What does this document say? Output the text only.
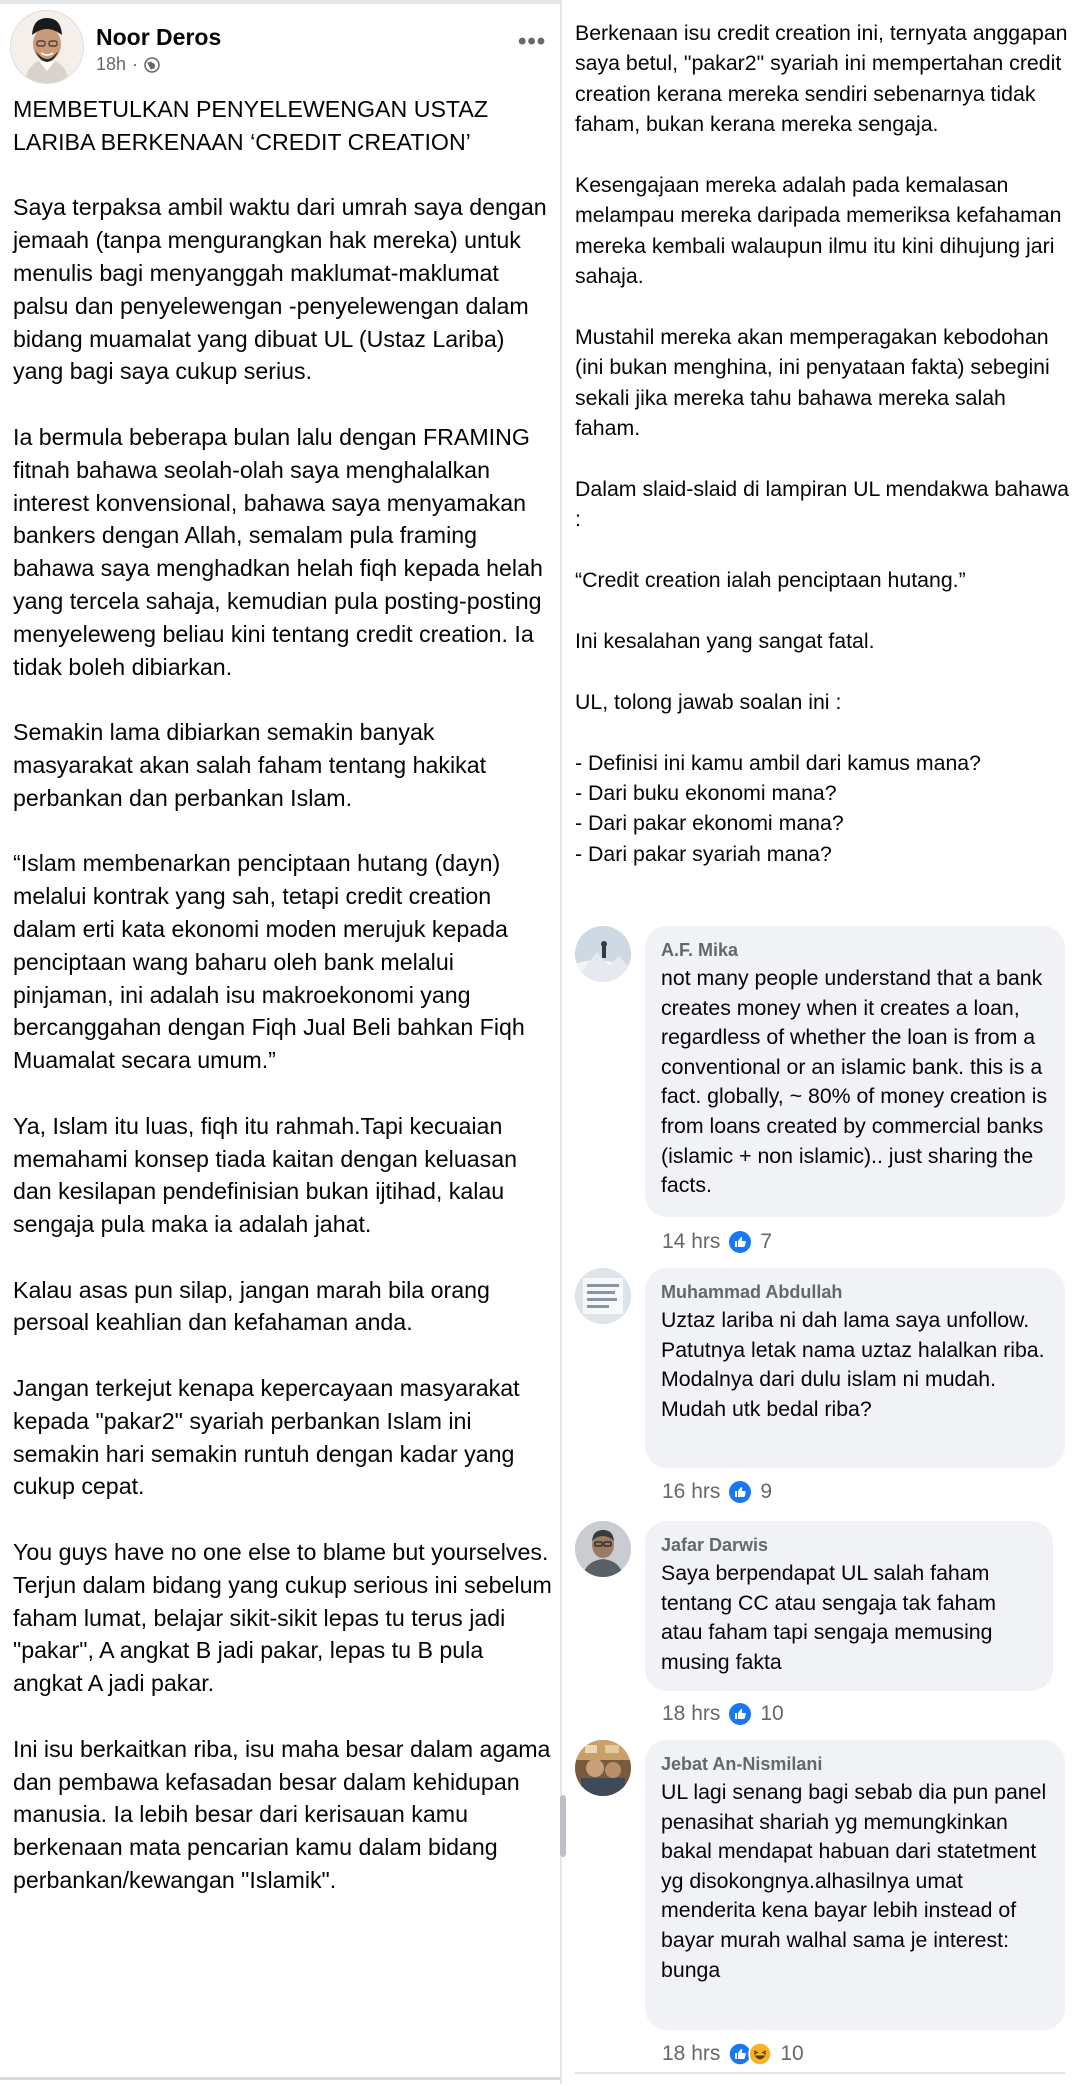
Noor Deros
18h ·
•••

MEMBETULKAN PENYELEWENGAN USTAZ LARIBA BERKENAAN ‘CREDIT CREATION’

Saya terpaksa ambil waktu dari umrah saya dengan jemaah (tanpa mengurangkan hak mereka) untuk menulis bagi menyanggah maklumat-maklumat palsu dan penyelewengan -penyelewengan dalam bidang muamalat yang dibuat UL (Ustaz Lariba) yang bagi saya cukup serius.

Ia bermula beberapa bulan lalu dengan FRAMING fitnah bahawa seolah-olah saya menghalalkan interest konvensional, bahawa saya menyamakan bankers dengan Allah, semalam pula framing bahawa saya menghadkan helah fiqh kepada helah yang tercela sahaja, kemudian pula posting-posting menyeleweng beliau kini tentang credit creation. Ia tidak boleh dibiarkan.

Semakin lama dibiarkan semakin banyak masyarakat akan salah faham tentang hakikat perbankan dan perbankan Islam.

“Islam membenarkan penciptaan hutang (dayn) melalui kontrak yang sah, tetapi credit creation dalam erti kata ekonomi moden merujuk kepada penciptaan wang baharu oleh bank melalui pinjaman, ini adalah isu makroekonomi yang bercanggahan dengan Fiqh Jual Beli bahkan Fiqh Muamalat secara umum.”

Ya, Islam itu luas, fiqh itu rahmah.Tapi kecuaian memahami konsep tiada kaitan dengan keluasan dan kesilapan pendefinisian bukan ijtihad, kalau sengaja pula maka ia adalah jahat.

Kalau asas pun silap, jangan marah bila orang persoal keahlian dan kefahaman anda.

Jangan terkejut kenapa kepercayaan masyarakat kepada "pakar2" syariah perbankan Islam ini semakin hari semakin runtuh dengan kadar yang cukup cepat.

You guys have no one else to blame but yourselves. Terjun dalam bidang yang cukup serious ini sebelum faham lumat, belajar sikit-sikit lepas tu terus jadi "pakar", A angkat B jadi pakar, lepas tu B pula angkat A jadi pakar.

Ini isu berkaitkan riba, isu maha besar dalam agama dan pembawa kefasadan besar dalam kehidupan manusia. Ia lebih besar dari kerisauan kamu berkenaan mata pencarian kamu dalam bidang perbankan/kewangan "Islamik".

Berkenaan isu credit creation ini, ternyata anggapan saya betul, "pakar2" syariah ini mempertahan credit creation kerana mereka sendiri sebenarnya tidak faham, bukan kerana mereka sengaja.

Kesengajaan mereka adalah pada kemalasan melampau mereka daripada memeriksa kefahaman mereka kembali walaupun ilmu itu kini dihujung jari sahaja.

Mustahil mereka akan memperagakan kebodohan (ini bukan menghina, ini penyataan fakta) sebegini sekali jika mereka tahu bahawa mereka salah faham.

Dalam slaid-slaid di lampiran UL mendakwa bahawa :

“Credit creation ialah penciptaan hutang.”

Ini kesalahan yang sangat fatal.

UL, tolong jawab soalan ini :

- Definisi ini kamu ambil dari kamus mana?
- Dari buku ekonomi mana?
- Dari pakar ekonomi mana?
- Dari pakar syariah mana?
A.F. Mika
not many people understand that a bank creates money when it creates a loan, regardless of whether the loan is from a conventional or an islamic bank. this is a fact. globally, ~ 80% of money creation is from loans created by commercial banks (islamic + non islamic).. just sharing the facts.
14 hrs 7
Muhammad Abdullah
Uztaz lariba ni dah lama saya unfollow. Patutnya letak nama uztaz halalkan riba. Modalnya dari dulu islam ni mudah. Mudah utk bedal riba?
16 hrs 9
Jafar Darwis
Saya berpendapat UL salah faham tentang CC atau sengaja tak faham atau faham tapi sengaja memusing musing fakta
18 hrs 10
Jebat An-Nismilani
UL lagi senang bagi sebab dia pun panel penasihat shariah yg memungkinkan bakal mendapat habuan dari statetment yg disokongnya.alhasilnya umat menderita kena bayar lebih instead of bayar murah walhal sama je interest: bunga
18 hrs	10
